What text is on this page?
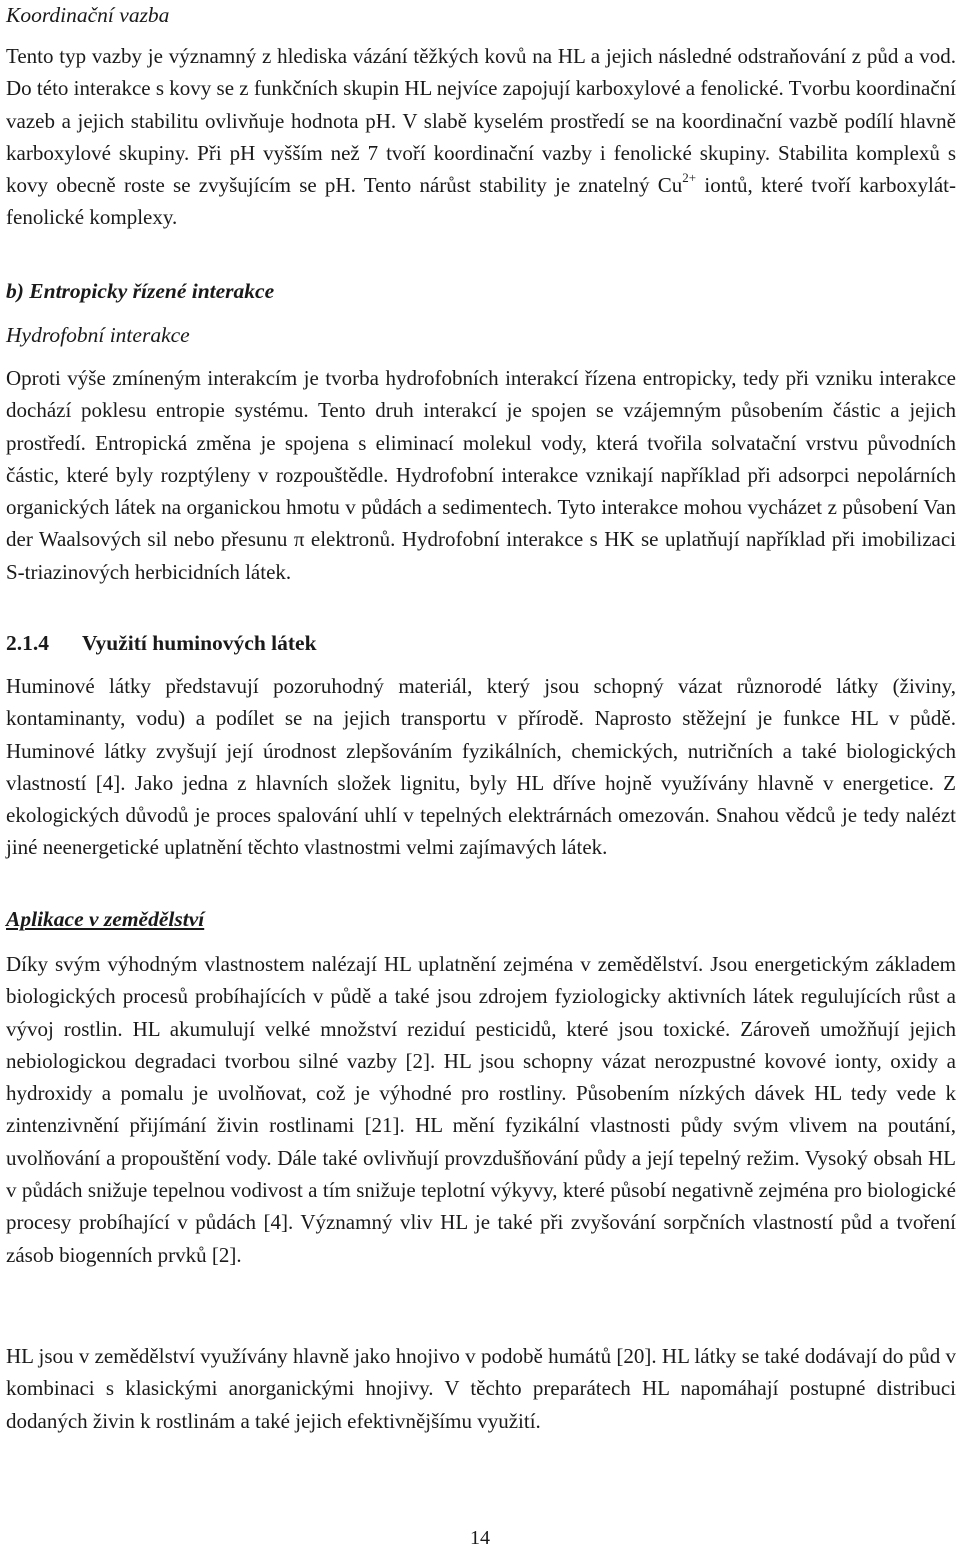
Koordinační vazba

Tento typ vazby je významný z hlediska vázání těžkých kovů na HL a jejich následné odstraňování z půd a vod. Do této interakce s kovy se z funkčních skupin HL nejvíce zapojují karboxylové a fenolické. Tvorbu koordinační vazeb a jejich stabilitu ovlivňuje hodnota pH. V slabě kyselém prostředí se na koordinační vazbě podílí hlavně karboxylové skupiny. Při pH vyšším než 7 tvoří koordinační vazby i fenolické skupiny. Stabilita komplexů s kovy obecně roste se zvyšujícím se pH. Tento nárůst stability je znatelný $Cu^{2+}$ iontů, které tvoří karboxylát-fenolické komplexy.

b) Entropicky řízené interakce

Hydrofobní interakce

Oproti výše zmíneným interakcím je tvorba hydrofobních interakcí řízena entropicky, tedy při vzniku interakce dochází poklesu entropie systému. Tento druh interakcí je spojen se vzájemným působením částic a jejich prostředí. Entropická změna je spojena s eliminací molekul vody, která tvořila solvatační vrstvu původních částic, které byly rozptýleny v rozpouštědle. Hydrofobní interakce vznikají například při adsorpci nepolárních organických látek na organickou hmotu v půdách a sedimentech. Tyto interakce mohou vycházet z působení Van der Waalsových sil nebo přesunu π elektronů. Hydrofobní interakce s HK se uplatňují například při imobilizaci S-triazinových herbicidních látek.

2.1.4 Využití huminových látek

Huminové látky představují pozoruhodný materiál, který jsou schopný vázat různorodé látky (živiny, kontaminanty, vodu) a podílet se na jejich transportu v přírodě. Naprosto stěžejní je funkce HL v půdě. Huminové látky zvyšují její úrodnost zlepšováním fyzikálních, chemických, nutričních a také biologických vlastností [4]. Jako jedna z hlavních složek lignitu, byly HL dříve hojně využívány hlavně v energetice. Z ekologických důvodů je proces spalování uhlí v tepelných elektrárnách omezován. Snahou vědců je tedy nalézt jiné neenergetické uplatnění těchto vlastnostmi velmi zajímavých látek.

Aplikace v zemědělství

Díky svým výhodným vlastnostem nalézají HL uplatnění zejména v zemědělství. Jsou energetickým základem biologických procesů probíhajících v půdě a také jsou zdrojem fyziologicky aktivních látek regulujících růst a vývoj rostlin. HL akumulují velké množství reziduí pesticidů, které jsou toxické. Zároveň umožňují jejich nebiologickou degradaci tvorbou silné vazby [2]. HL jsou schopny vázat nerozpustné kovové ionty, oxidy a hydroxidy a pomalu je uvolňovat, což je výhodné pro rostliny. Působením nízkých dávek HL tedy vede k zintenzivnění přijímání živin rostlinami [21]. HL mění fyzikální vlastnosti půdy svým vlivem na poutání, uvolňování a propouštění vody. Dále také ovlivňují provzdušňování půdy a její tepelný režim. Vysoký obsah HL v půdách snižuje tepelnou vodivost a tím snižuje teplotní výkyvy, které působí negativně zejména pro biologické procesy probíhající v půdách [4]. Významný vliv HL je také při zvyšování sorpčních vlastností půd a tvoření zásob biogenních prvků [2].

HL jsou v zemědělství využívány hlavně jako hnojivo v podobě humátů [20]. HL látky se také dodávají do půd v kombinaci s klasickými anorganickými hnojivy. V těchto preparátech HL napomáhají postupné distribuci dodaných živin k rostlinám a také jejich efektivnějšímu využití.

14
